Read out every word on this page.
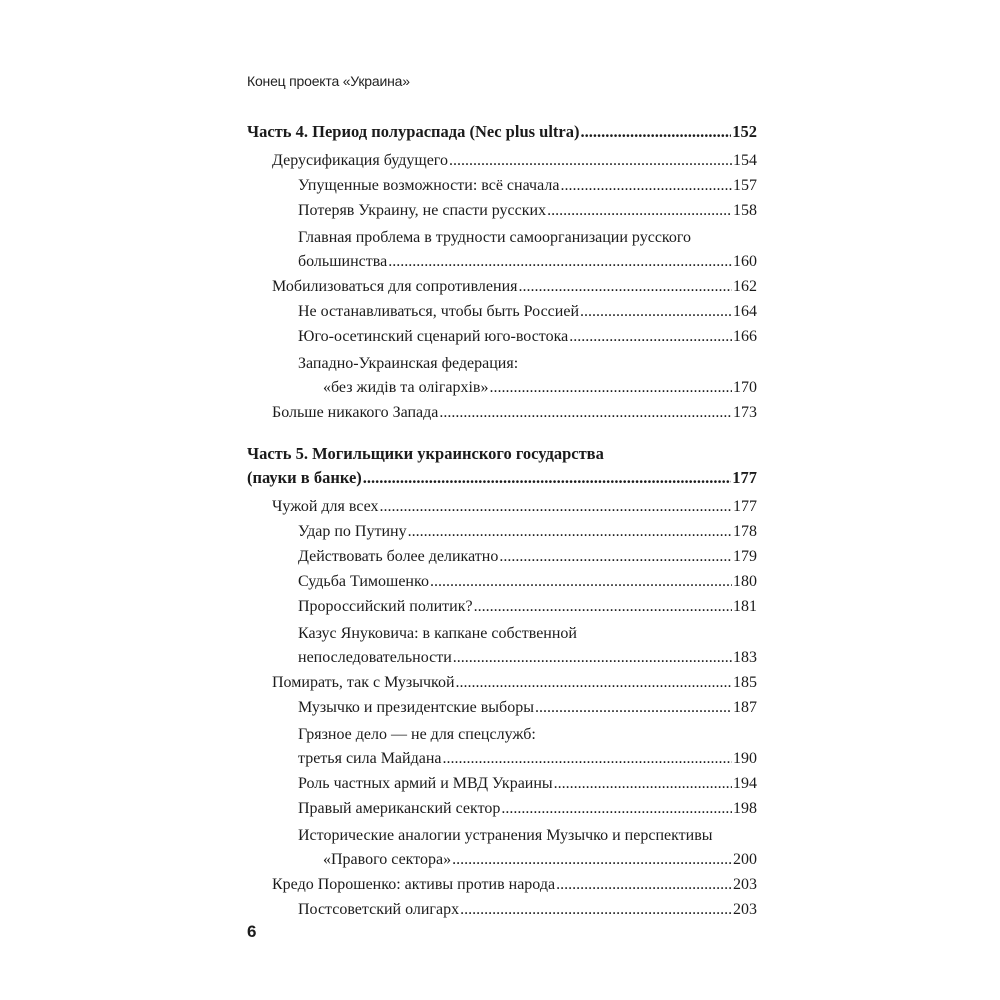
Конец проекта «Украина»
Часть 4. Период полураспада (Nec plus ultra) .....	152
Дерусификация будущего .....	154
Упущенные возможности: всё сначала .....	157
Потеряв Украину, не спасти русских .....	158
Главная проблема в трудности самоорганизации русского
большинства .....	160
Мобилизоваться для сопротивления .....	162
Не останавливаться, чтобы быть Россией .....	164
Юго-осетинский сценарий юго-востока .....	166
Западно-Украинская федерация:
«без жидів та олігархів» .....	170
Больше никакого Запада .....	173
Часть 5. Могильщики украинского государства
(пауки в банке) .....	177
Чужой для всех .....	177
Удар по Путину .....	178
Действовать более деликатно .....	179
Судьба Тимошенко .....	180
Пророссийский политик? .....	181
Казус Януковича: в капкане собственной
непоследовательности .....	183
Помирать, так с Музычкой .....	185
Музычко и президентские выборы .....	187
Грязное дело — не для спецслужб:
третья сила Майдана .....	190
Роль частных армий и МВД Украины .....	194
Правый американский сектор .....	198
Исторические аналогии устранения Музычко и перспективы
«Правого сектора» .....	200
Кредо Порошенко: активы против народа .....	203
Постсоветский олигарх .....	203
6
